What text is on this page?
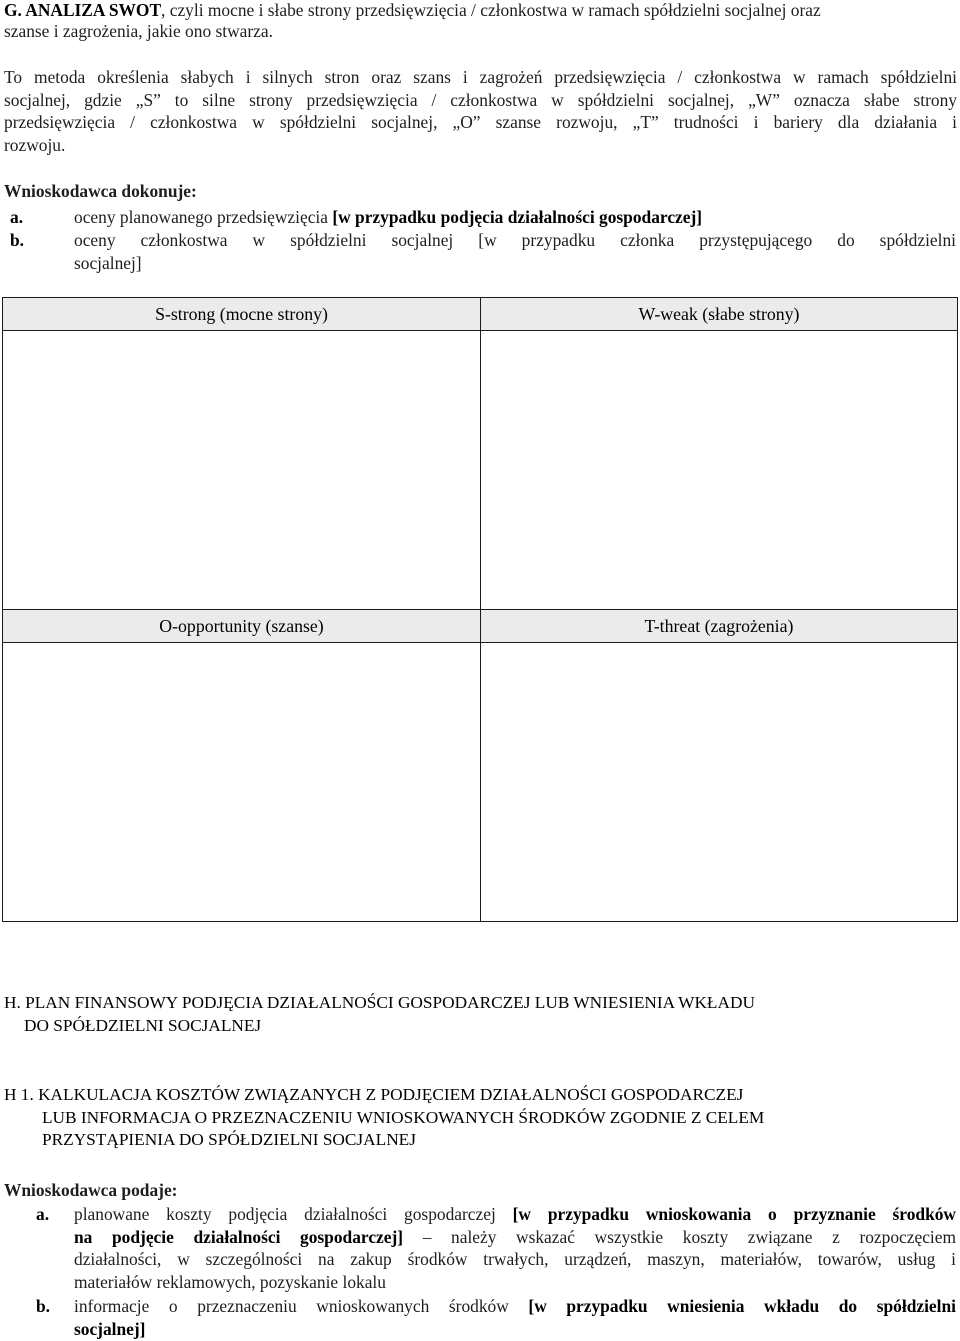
G. ANALIZA SWOT, czyli mocne i słabe strony przedsięwzięcia / członkostwa w ramach spółdzielni socjalnej oraz
szanse i zagrożenia, jakie ono stwarza.
To metoda określenia słabych i silnych stron oraz szans i zagrożeń przedsięwzięcia / członkostwa w ramach spółdzielni
socjalnej, gdzie „S” to silne strony przedsięwzięcia / członkostwa w spółdzielni socjalnej, „W” oznacza słabe strony
przedsięwzięcia / członkostwa w spółdzielni socjalnej, „O” szanse rozwoju, „T” trudności i bariery dla działania i
rozwoju.
Wnioskodawca dokonuje:
a.	oceny planowanego przedsięwzięcia [w przypadku podjęcia działalności gospodarczej]
b.	oceny członkostwa w spółdzielni socjalnej [w przypadku członka przystępującego do spółdzielni
socjalnej]
S-strong (mocne strony)	W-weak (słabe strony)
O-opportunity (szanse)	T-threat (zagrożenia)
H. PLAN FINANSOWY PODJĘCIA DZIAŁALNOŚCI GOSPODARCZEJ LUB WNIESIENIA WKŁADU
DO SPÓŁDZIELNI SOCJALNEJ
H 1. KALKULACJA KOSZTÓW ZWIĄZANYCH Z PODJĘCIEM DZIAŁALNOŚCI GOSPODARCZEJ
LUB INFORMACJA O PRZEZNACZENIU WNIOSKOWANYCH ŚRODKÓW ZGODNIE Z CELEM
PRZYSTĄPIENIA DO SPÓŁDZIELNI SOCJALNEJ
Wnioskodawca podaje:
a. planowane koszty podjęcia działalności gospodarczej [w przypadku wnioskowania o przyznanie środków
na podjęcie działalności gospodarczej] – należy wskazać wszystkie koszty związane z rozpoczęciem
działalności, w szczególności na zakup środków trwałych, urządzeń, maszyn, materiałów, towarów, usług i
materiałów reklamowych, pozyskanie lokalu
b. informacje o przeznaczeniu wnioskowanych środków [w przypadku wniesienia wkładu do spółdzielni
socjalnej]
